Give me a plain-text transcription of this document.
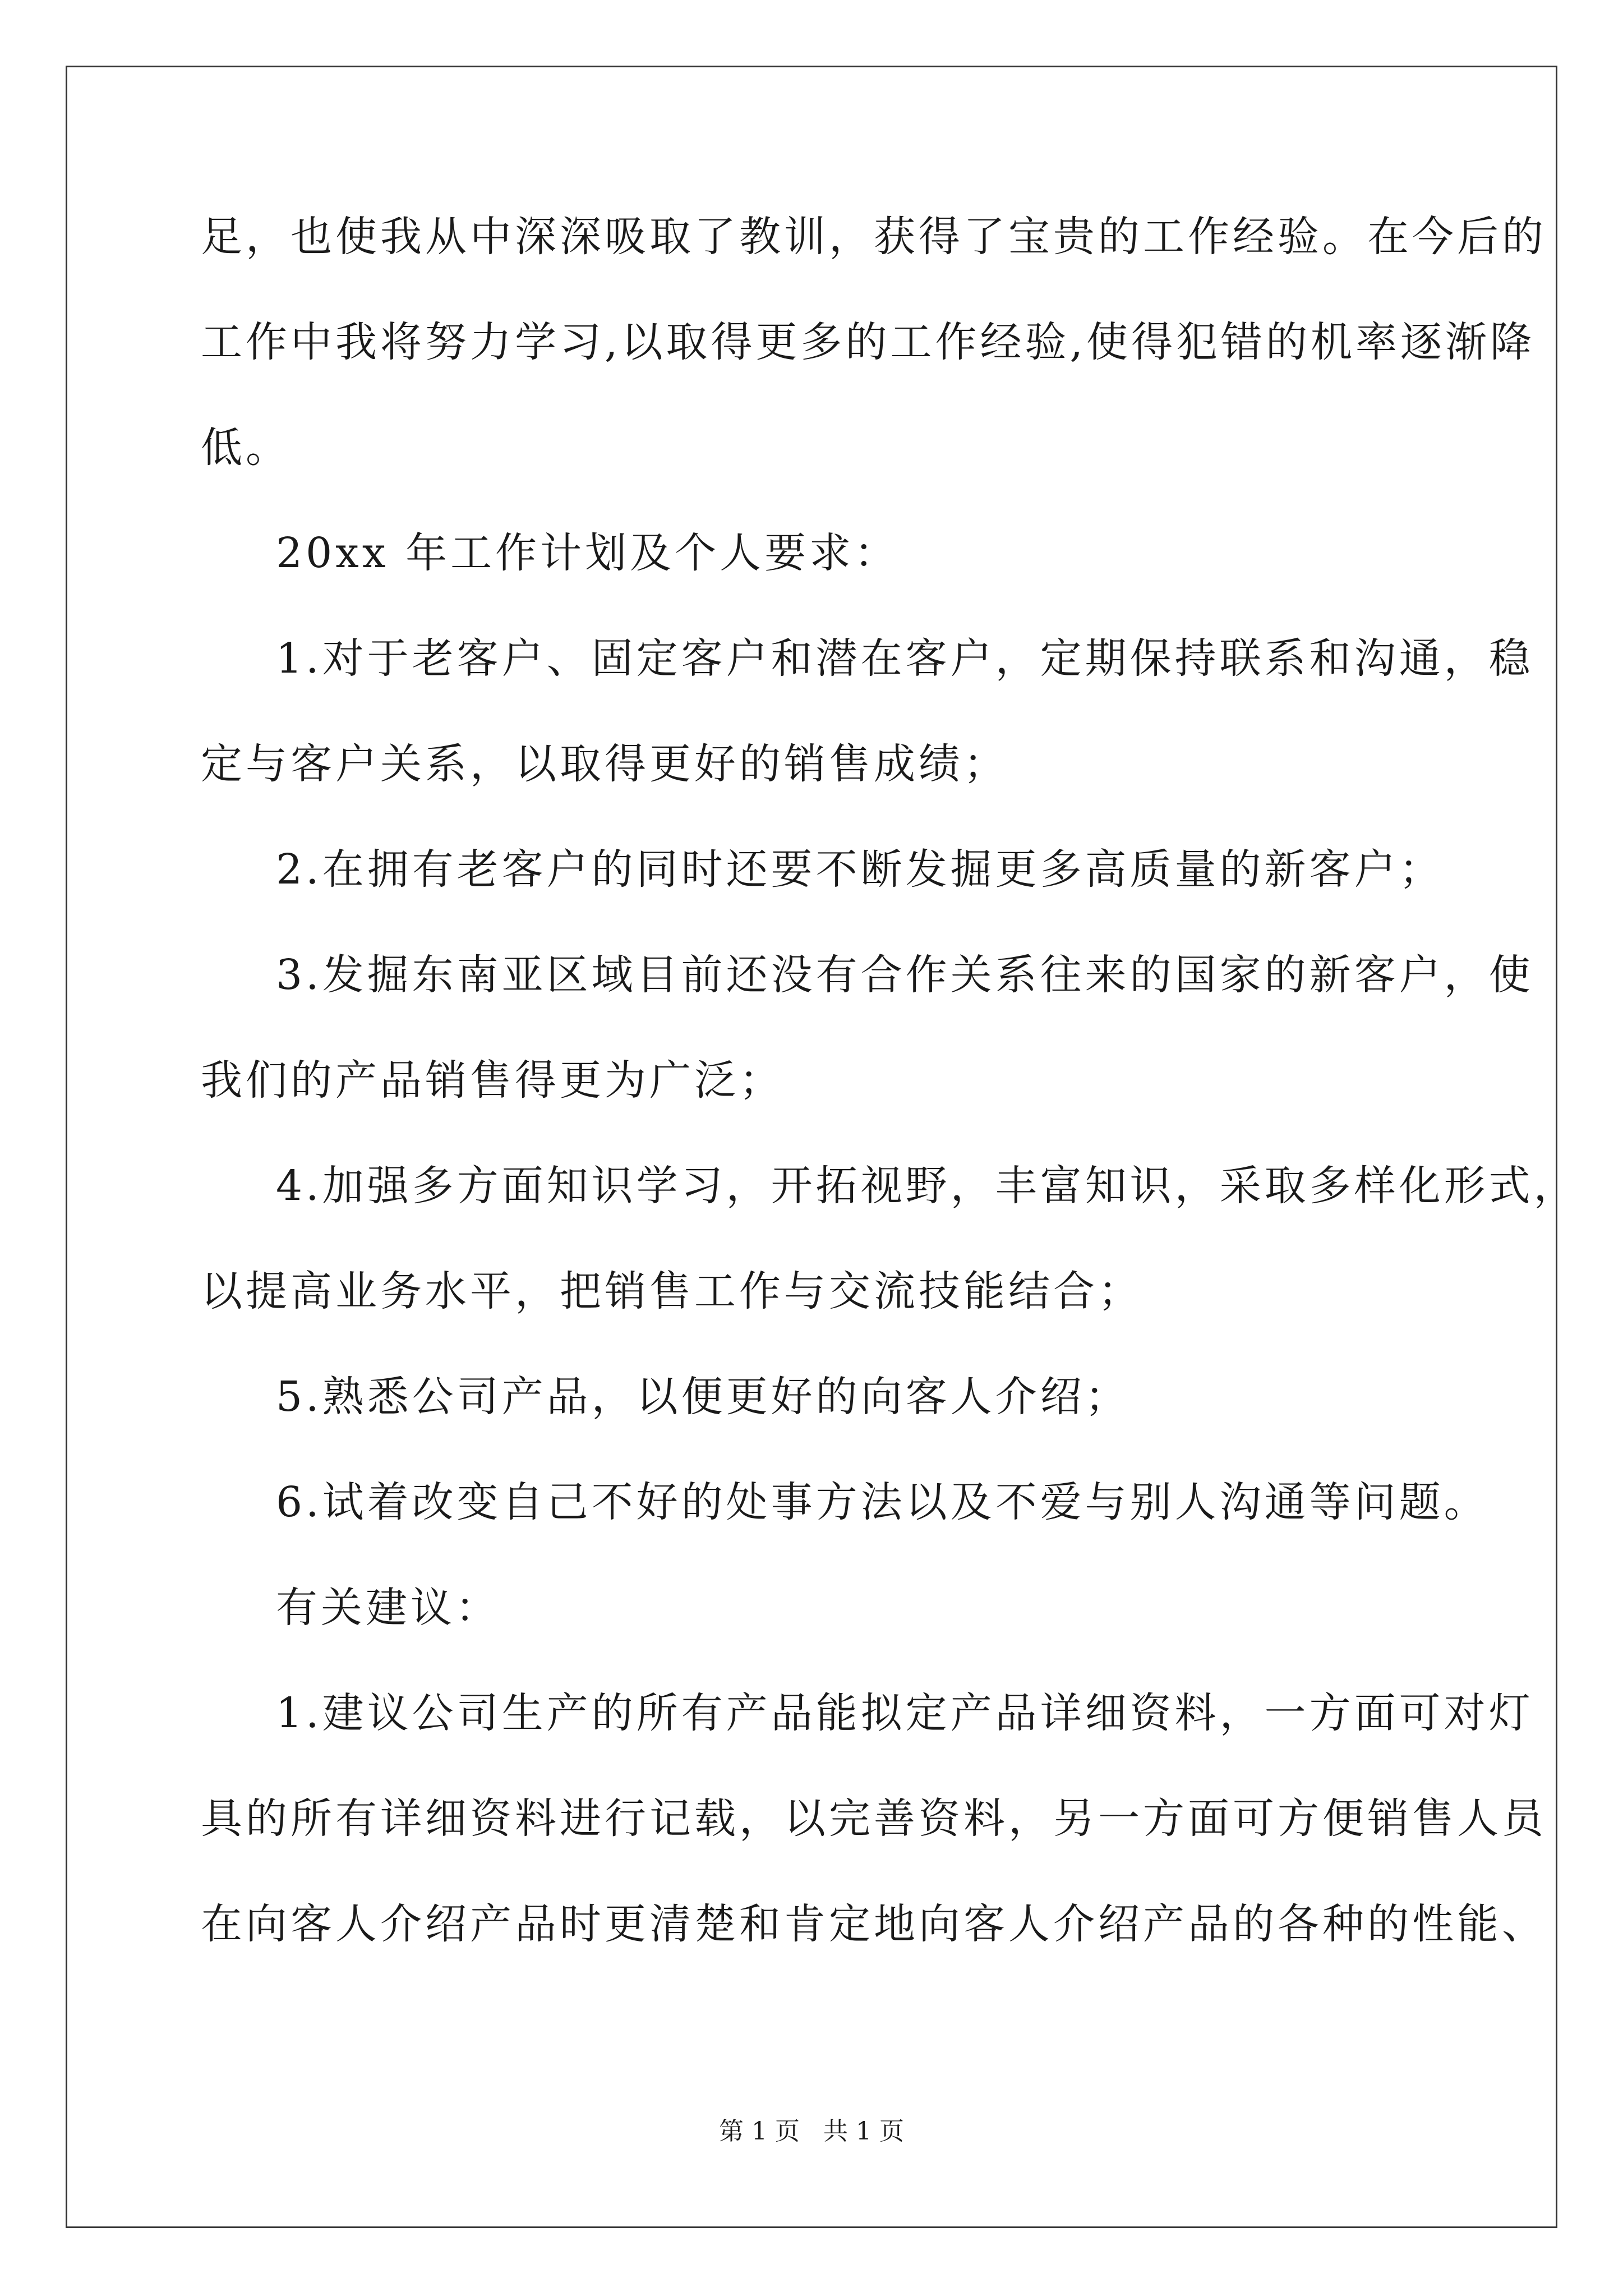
足，也使我从中深深吸取了教训，获得了宝贵的工作经验。在今后的
工作中我将努力学习,以取得更多的工作经验,使得犯错的机率逐渐降
低。
20xx 年工作计划及个人要求：
1.对于老客户、固定客户和潜在客户，定期保持联系和沟通，稳
定与客户关系，以取得更好的销售成绩；
2.在拥有老客户的同时还要不断发掘更多高质量的新客户；
3.发掘东南亚区域目前还没有合作关系往来的国家的新客户，使
我们的产品销售得更为广泛；
4.加强多方面知识学习，开拓视野，丰富知识，采取多样化形式，
以提高业务水平，把销售工作与交流技能结合；
5.熟悉公司产品，以便更好的向客人介绍；
6.试着改变自己不好的处事方法以及不爱与别人沟通等问题。
有关建议：
1.建议公司生产的所有产品能拟定产品详细资料，一方面可对灯
具的所有详细资料进行记载，以完善资料，另一方面可方便销售人员
在向客人介绍产品时更清楚和肯定地向客人介绍产品的各种的性能、
第 1 页   共 1 页
